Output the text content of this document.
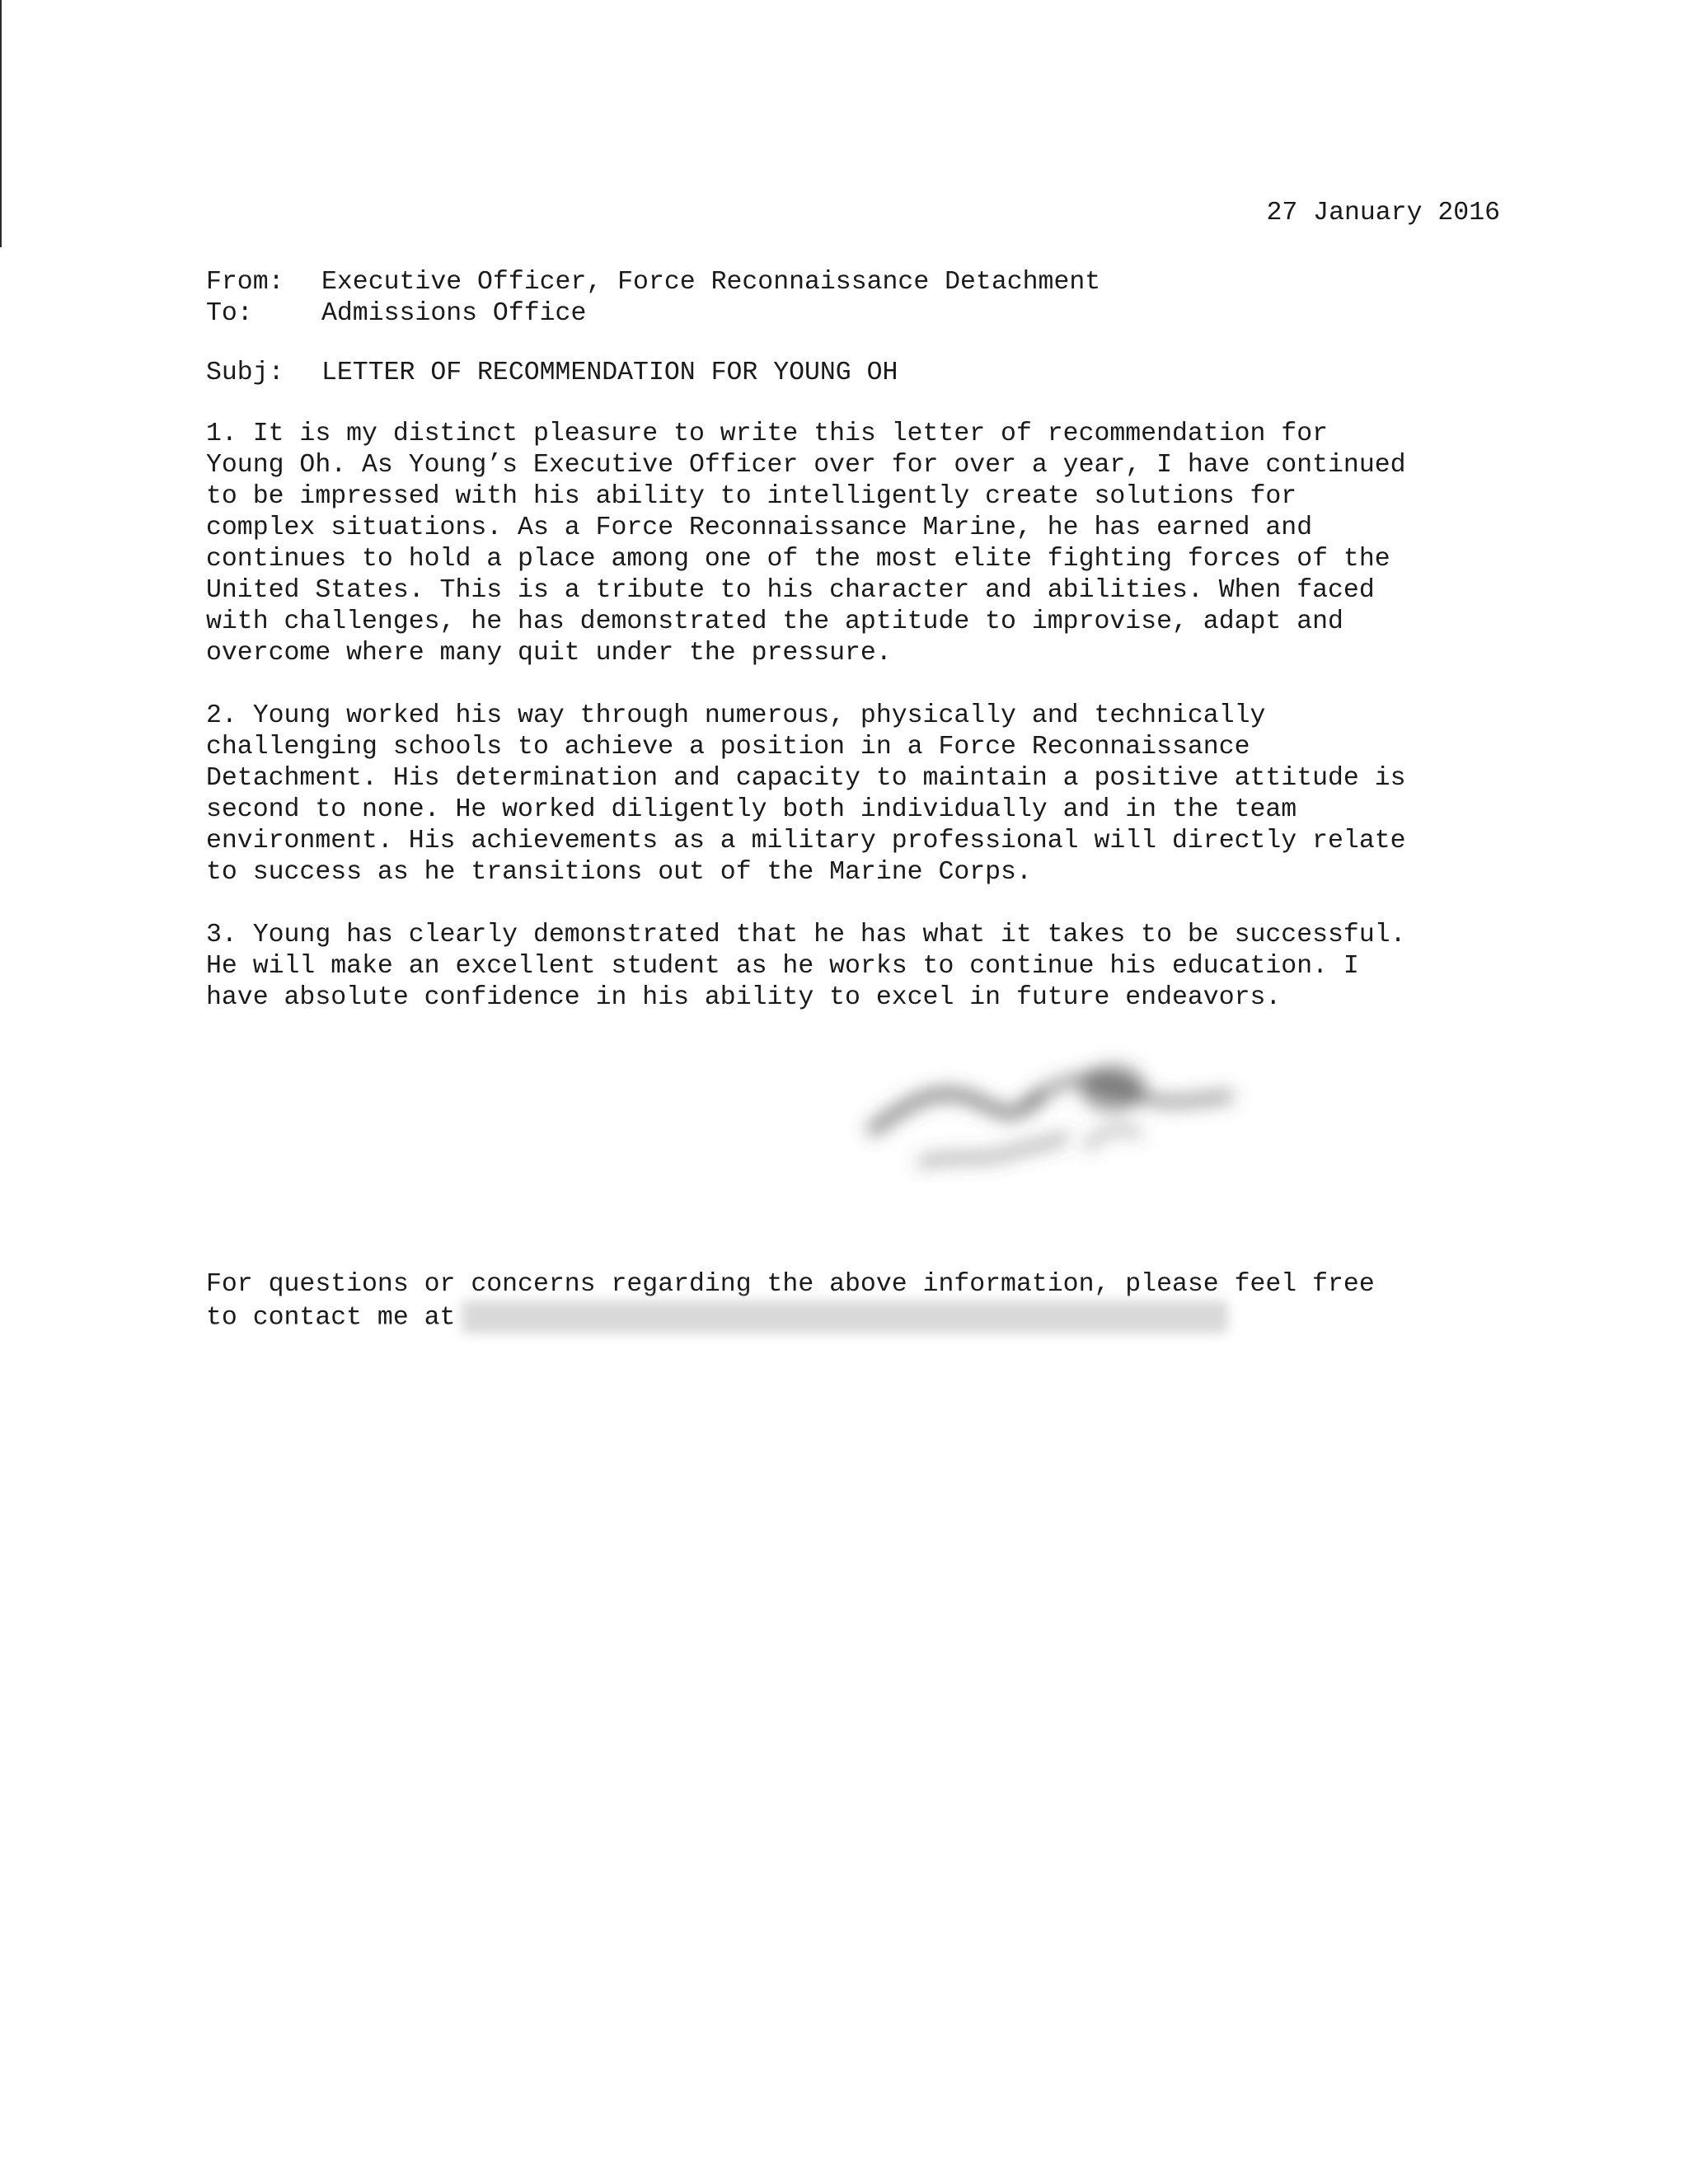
27 January 2016
From:	Executive Officer, Force Reconnaissance Detachment
To:	Admissions Office
Subj:	LETTER OF RECOMMENDATION FOR YOUNG OH
1. It is my distinct pleasure to write this letter of recommendation for
Young Oh. As Young’s Executive Officer over for over a year, I have continued
to be impressed with his ability to intelligently create solutions for
complex situations. As a Force Reconnaissance Marine, he has earned and
continues to hold a place among one of the most elite fighting forces of the
United States. This is a tribute to his character and abilities. When faced
with challenges, he has demonstrated the aptitude to improvise, adapt and
overcome where many quit under the pressure.
2. Young worked his way through numerous, physically and technically
challenging schools to achieve a position in a Force Reconnaissance
Detachment. His determination and capacity to maintain a positive attitude is
second to none. He worked diligently both individually and in the team
environment. His achievements as a military professional will directly relate
to success as he transitions out of the Marine Corps.
3. Young has clearly demonstrated that he has what it takes to be successful.
He will make an excellent student as he works to continue his education. I
have absolute confidence in his ability to excel in future endeavors.
For questions or concerns regarding the above information, please feel free
to contact me at
